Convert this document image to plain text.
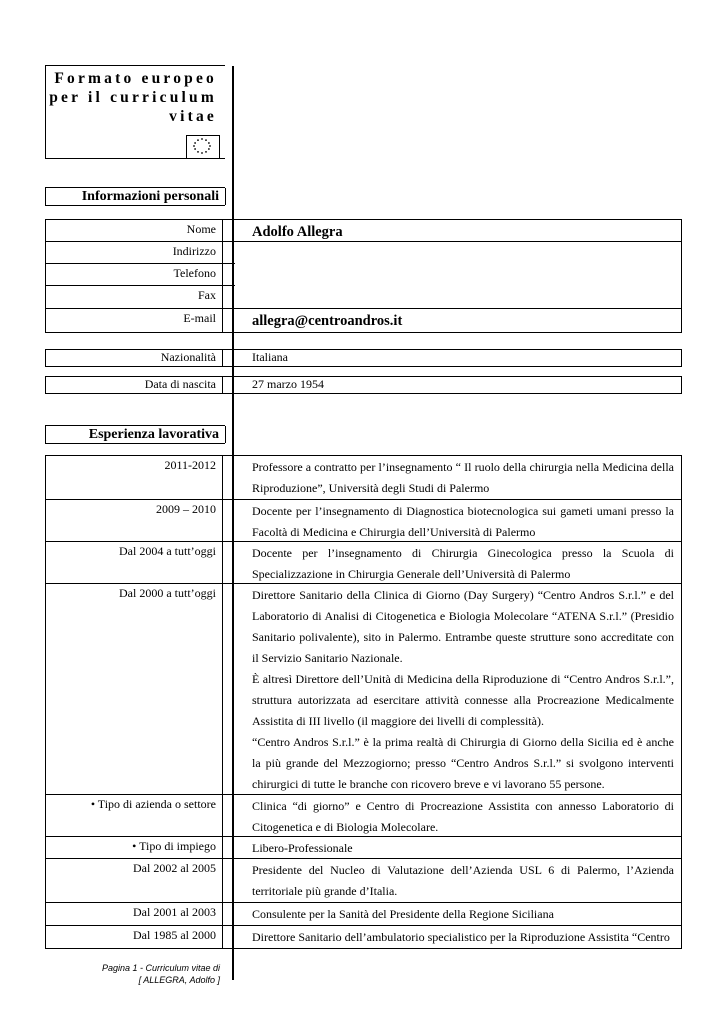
Formato europeo
per il curriculum
vitae
Informazioni personali
Nome	Adolfo Allegra
Indirizzo
Telefono
Fax
E-mail	allegra@centroandros.it
Nazionalità	Italiana
Data di nascita	27 marzo 1954
Esperienza lavorativa
2011-2012	Professore a contratto per l’insegnamento “ Il ruolo della chirurgia nella Medicina della Riproduzione”, Università degli Studi di Palermo
2009 – 2010	Docente per l’insegnamento di Diagnostica biotecnologica sui gameti umani presso la Facoltà di Medicina e Chirurgia dell’Università di Palermo
Dal 2004 a tutt’oggi	Docente per l’insegnamento di Chirurgia Ginecologica presso la Scuola di Specializzazione in Chirurgia Generale dell’Università di Palermo
Dal 2000 a tutt’oggi	Direttore Sanitario della Clinica di Giorno (Day Surgery) “Centro Andros S.r.l.” e del Laboratorio di Analisi di Citogenetica e Biologia Molecolare “ATENA S.r.l.” (Presidio Sanitario polivalente), sito in Palermo. Entrambe queste strutture sono accreditate con il Servizio Sanitario Nazionale.

È altresì Direttore dell’Unità di Medicina della Riproduzione di “Centro Andros S.r.l.”, struttura autorizzata ad esercitare attività connesse alla Procreazione Medicalmente Assistita di III livello (il maggiore dei livelli di complessità).

“Centro Andros S.r.l.” è la prima realtà di Chirurgia di Giorno della Sicilia ed è anche la più grande del Mezzogiorno; presso “Centro Andros S.r.l.” si svolgono interventi chirurgici di tutte le branche con ricovero breve e vi lavorano 55 persone.

• Tipo di azienda o settore	Clinica “di giorno” e Centro di Procreazione Assistita con annesso Laboratorio di Citogenetica e di Biologia Molecolare.
• Tipo di impiego	Libero-Professionale
Dal 2002 al 2005	Presidente del Nucleo di Valutazione dell’Azienda USL 6 di Palermo, l’Azienda territoriale più grande d’Italia.
Dal 2001 al 2003	Consulente per la Sanità del Presidente della Regione Siciliana
Dal 1985 al 2000	Direttore Sanitario dell’ambulatorio specialistico per la Riproduzione Assistita “Centro
Pagina 1 - Curriculum vitae di
[ ALLEGRA, Adolfo ]
